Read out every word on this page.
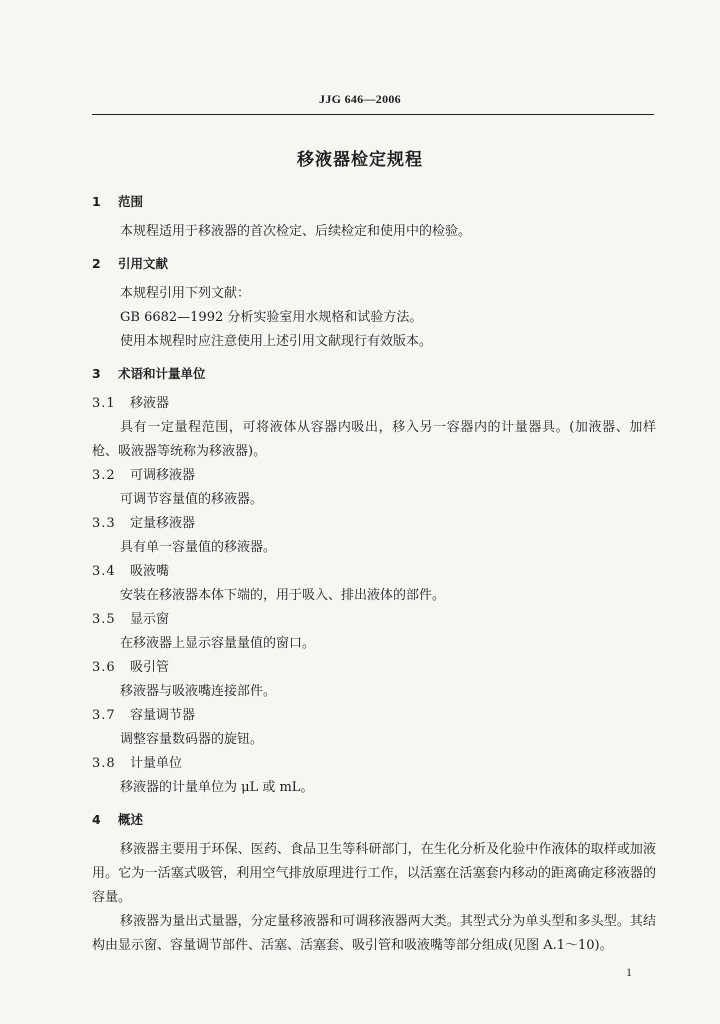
JJG 646—2006
移液器检定规程
1 范围
本规程适用于移液器的首次检定、后续检定和使用中的检验。
2 引用文献
本规程引用下列文献：
GB 6682—1992 分析实验室用水规格和试验方法。
使用本规程时应注意使用上述引用文献现行有效版本。
3 术语和计量单位
3.1 移液器
具有一定量程范围，可将液体从容器内吸出，移入另一容器内的计量器具。(加液器、加样枪、吸液器等统称为移液器)。
3.2 可调移液器
可调节容量值的移液器。
3.3 定量移液器
具有单一容量值的移液器。
3.4 吸液嘴
安装在移液器本体下端的，用于吸入、排出液体的部件。
3.5 显示窗
在移液器上显示容量量值的窗口。
3.6 吸引管
移液器与吸液嘴连接部件。
3.7 容量调节器
调整容量数码器的旋钮。
3.8 计量单位
移液器的计量单位为 μL 或 mL。
4 概述
移液器主要用于环保、医药、食品卫生等科研部门，在生化分析及化验中作液体的取样或加液用。它为一活塞式吸管，利用空气排放原理进行工作，以活塞在活塞套内移动的距离确定移液器的容量。
移液器为量出式量器，分定量移液器和可调移液器两大类。其型式分为单头型和多头型。其结构由显示窗、容量调节部件、活塞、活塞套、吸引管和吸液嘴等部分组成(见图 A.1～10)。
1
